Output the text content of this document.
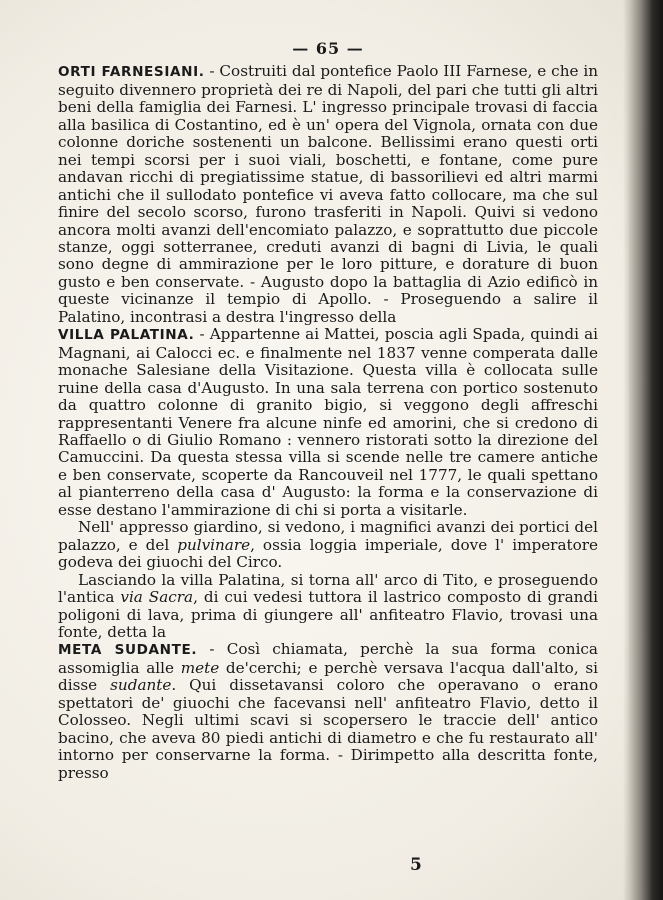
— 65 —

ORTI FARNESIANI. - Costruiti dal pontefice Paolo III Farnese, e che in seguito divennero proprietà dei re di Napoli, del pari che tutti gli altri beni della famiglia dei Farnesi. L' ingresso principale trovasi di faccia alla basilica di Costantino, ed è un' opera del Vignola, ornata con due colonne doriche sostenenti un balcone. Bellissimi erano questi orti nei tempi scorsi per i suoi viali, boschetti, e fontane, come pure andavan ricchi di pregiatissime statue, di bassorilievi ed altri marmi antichi che il sullodato pontefice vi aveva fatto collocare, ma che sul finire del secolo scorso, furono trasferiti in Napoli. Quivi si vedono ancora molti avanzi dell'encomiato palazzo, e soprattutto due piccole stanze, oggi sotterranee, creduti avanzi di bagni di Livia, le quali sono degne di ammirazione per le loro pitture, e dorature di buon gusto e ben conservate. - Augusto dopo la battaglia di Azio edificò in queste vicinanze il tempio di Apollo. - Proseguendo a salire il Palatino, incontrasi a destra l'ingresso della

VILLA PALATINA. - Appartenne ai Mattei, poscia agli Spada, quindi ai Magnani, ai Calocci ec. e finalmente nel 1837 venne comperata dalle monache Salesiane della Visitazione. Questa villa è collocata sulle ruine della casa d'Augusto. In una sala terrena con portico sostenuto da quattro colonne di granito bigio, si veggono degli affreschi rappresentanti Venere fra alcune ninfe ed amorini, che si credono di Raffaello o di Giulio Romano : vennero ristorati sotto la direzione del Camuccini. Da questa stessa villa si scende nelle tre camere antiche e ben conservate, scoperte da Rancouveil nel 1777, le quali spettano al pianterreno della casa d' Augusto: la forma e la conservazione di esse destano l'ammirazione di chi si porta a visitarle.

Nell' appresso giardino, si vedono, i magnifici avanzi dei portici del palazzo, e del pulvinare, ossia loggia imperiale, dove l' imperatore godeva dei giuochi del Circo.

Lasciando la villa Palatina, si torna all' arco di Tito, e proseguendo l'antica via Sacra, di cui vedesi tuttora il lastrico composto di grandi poligoni di lava, prima di giungere all' anfiteatro Flavio, trovasi una fonte, detta la

META SUDANTE. - Così chiamata, perchè la sua forma conica assomiglia alle mete de'cerchi; e perchè versava l'acqua dall'alto, si disse sudante. Qui dissetavansi coloro che operavano o erano spettatori de' giuochi che facevansi nell' anfiteatro Flavio, detto il Colosseo. Negli ultimi scavi si scopersero le traccie dell' antico bacino, che aveva 80 piedi antichi di diametro e che fu restaurato all' intorno per conservarne la forma. - Dirimpetto alla descritta fonte, presso

5
